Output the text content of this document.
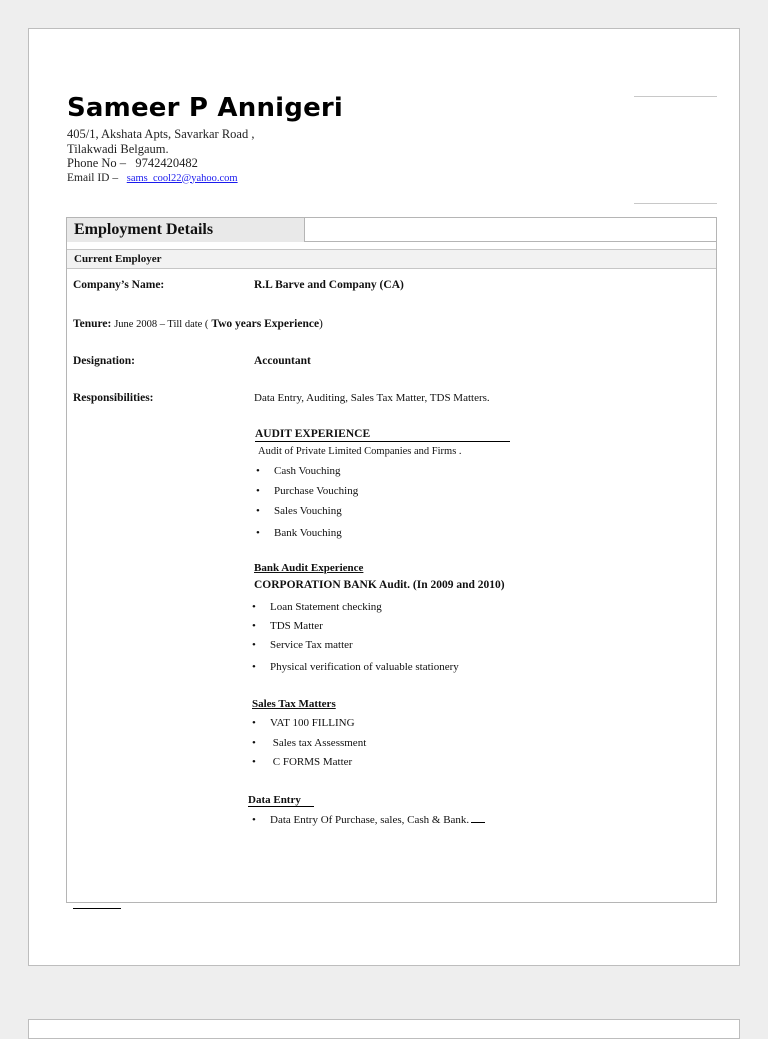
Sameer P Annigeri
405/1, Akshata Apts, Savarkar Road ,
Tilakwadi Belgaum.
Phone No – 9742420482
Email ID – sams_cool22@yahoo.com
Employment Details
Current Employer
Company’s Name:	R.L Barve and Company (CA)
Tenure: June 2008 – Till date ( Two years Experience)
Designation:	Accountant
Responsibilities:	Data Entry, Auditing, Sales Tax Matter, TDS Matters.
AUDIT EXPERIENCE
Audit of Private Limited Companies and Firms .
• Cash Vouching
• Purchase Vouching
• Sales Vouching
• Bank Vouching
Bank Audit Experience
CORPORATION BANK Audit. (In 2009 and 2010)
• Loan Statement checking
• TDS Matter
• Service Tax matter
• Physical verification of valuable stationery
Sales Tax Matters
• VAT 100 FILLING
• Sales tax Assessment
• C FORMS Matter
Data Entry
• Data Entry Of Purchase, sales, Cash & Bank.
